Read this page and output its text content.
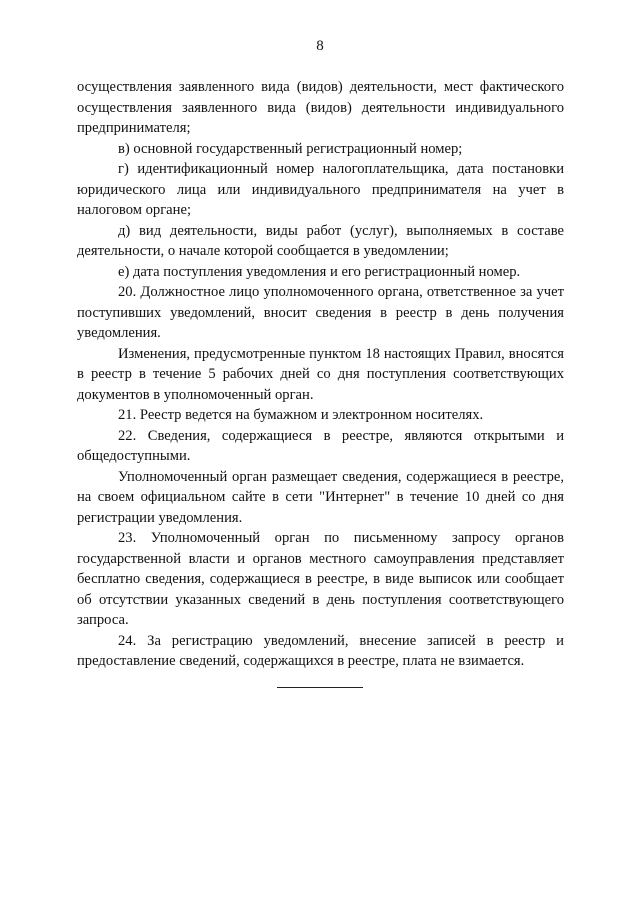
8

осуществления заявленного вида (видов) деятельности, мест фактического осуществления заявленного вида (видов) деятельности индивидуального предпринимателя;

в) основной государственный регистрационный номер;

г) идентификационный номер налогоплательщика, дата постановки юридического лица или индивидуального предпринимателя на учет в налоговом органе;

д) вид деятельности, виды работ (услуг), выполняемых в составе деятельности, о начале которой сообщается в уведомлении;

е) дата поступления уведомления и его регистрационный номер.

20. Должностное лицо уполномоченного органа, ответственное за учет поступивших уведомлений, вносит сведения в реестр в день получения уведомления.

Изменения, предусмотренные пунктом 18 настоящих Правил, вносятся в реестр в течение 5 рабочих дней со дня поступления соответствующих документов в уполномоченный орган.

21. Реестр ведется на бумажном и электронном носителях.

22. Сведения, содержащиеся в реестре, являются открытыми и общедоступными.

Уполномоченный орган размещает сведения, содержащиеся в реестре, на своем официальном сайте в сети "Интернет" в течение 10 дней со дня регистрации уведомления.

23. Уполномоченный орган по письменному запросу органов государственной власти и органов местного самоуправления представляет бесплатно сведения, содержащиеся в реестре, в виде выписок или сообщает об отсутствии указанных сведений в день поступления соответствующего запроса.

24. За регистрацию уведомлений, внесение записей в реестр и предоставление сведений, содержащихся в реестре, плата не взимается.
